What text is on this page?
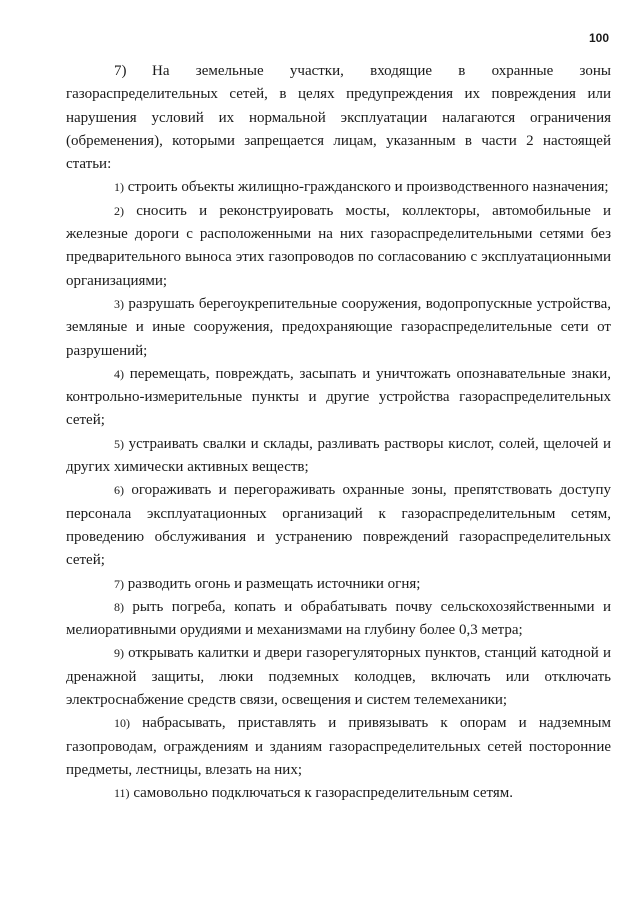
100

7) На земельные участки, входящие в охранные зоны газораспределительных сетей, в целях предупреждения их повреждения или нарушения условий их нормальной эксплуатации налагаются ограничения (обременения), которыми запрещается лицам, указанным в части 2 настоящей статьи:

1) строить объекты жилищно-гражданского и производственного назначения;

2) сносить и реконструировать мосты, коллекторы, автомобильные и железные дороги с расположенными на них газораспределительными сетями без предварительного выноса этих газопроводов по согласованию с эксплуатационными организациями;

3) разрушать берегоукрепительные сооружения, водопропускные устройства, земляные и иные сооружения, предохраняющие газораспределительные сети от разрушений;

4) перемещать, повреждать, засыпать и уничтожать опознавательные знаки, контрольно-измерительные пункты и другие устройства газораспределительных сетей;

5) устраивать свалки и склады, разливать растворы кислот, солей, щелочей и других химически активных веществ;

6) огораживать и перегораживать охранные зоны, препятствовать доступу персонала эксплуатационных организаций к газораспределительным сетям, проведению обслуживания и устранению повреждений газораспределительных сетей;

7) разводить огонь и размещать источники огня;

8) рыть погреба, копать и обрабатывать почву сельскохозяйственными и мелиоративными орудиями и механизмами на глубину более 0,3 метра;

9) открывать калитки и двери газорегуляторных пунктов, станций катодной и дренажной защиты, люки подземных колодцев, включать или отключать электроснабжение средств связи, освещения и систем телемеханики;

10) набрасывать, приставлять и привязывать к опорам и надземным газопроводам, ограждениям и зданиям газораспределительных сетей посторонние предметы, лестницы, влезать на них;

11) самовольно подключаться к газораспределительным сетям.
